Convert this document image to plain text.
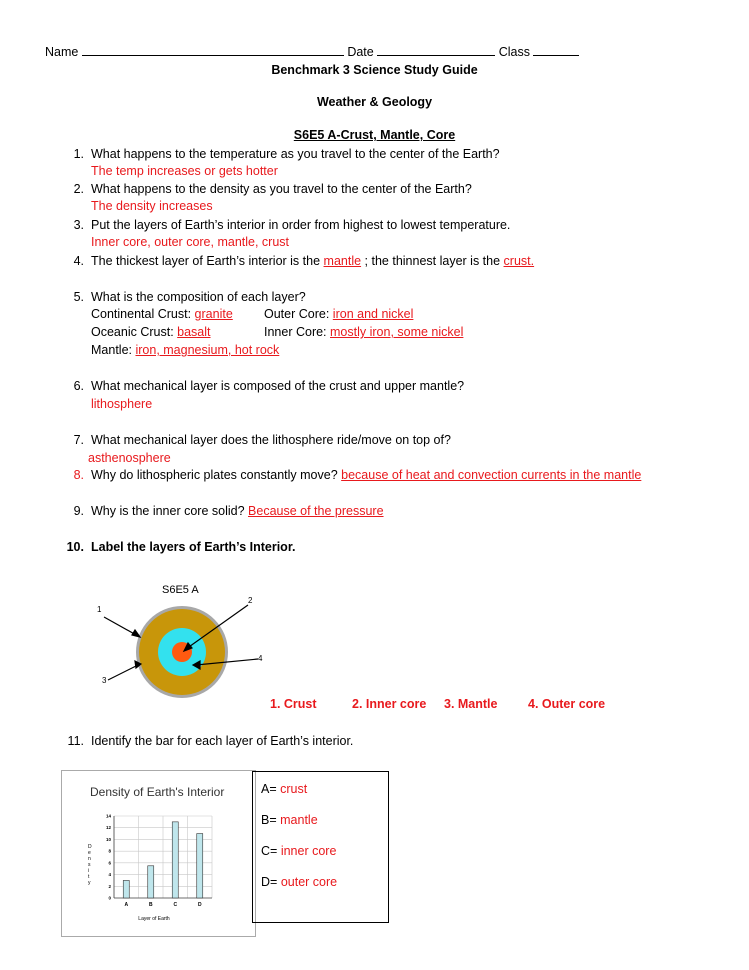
Name	Date	Class
Benchmark 3 Science Study Guide
Weather & Geology
S6E5 A-Crust, Mantle, Core
1. What happens to the temperature as you travel to the center of the Earth?
The temp increases or gets hotter
2. What happens to the density as you travel to the center of the Earth?
The density increases
3. Put the layers of Earth’s interior in order from highest to lowest temperature.
Inner core, outer core, mantle, crust
4. The thickest layer of Earth’s interior is the mantle ; the thinnest layer is the crust.
5. What is the composition of each layer?
Continental Crust: granite Outer Core: iron and nickel
Oceanic Crust: basalt	Inner Core: mostly iron, some nickel
Mantle: iron, magnesium, hot rock
6. What mechanical layer is composed of the crust and upper mantle?
lithosphere
7. What mechanical layer does the lithosphere ride/move on top of?
asthenosphere
8. Why do lithospheric plates constantly move? because of heat and convection currents in the mantle
9. Why is the inner core solid? Because of the pressure
10. Label the layers of Earth’s Interior.
S6E5 A
1
2
3
4
1. Crust	2. Inner core 3. Mantle 4. Outer core
11. Identify the bar for each layer of Earth’s interior.
Density of Earth's Interior
0
2
4
6
8
10
12
14
A	B	C	D
Layer of Earth
D e n s i t y
A= crust
B= mantle
C= inner core
D= outer core
